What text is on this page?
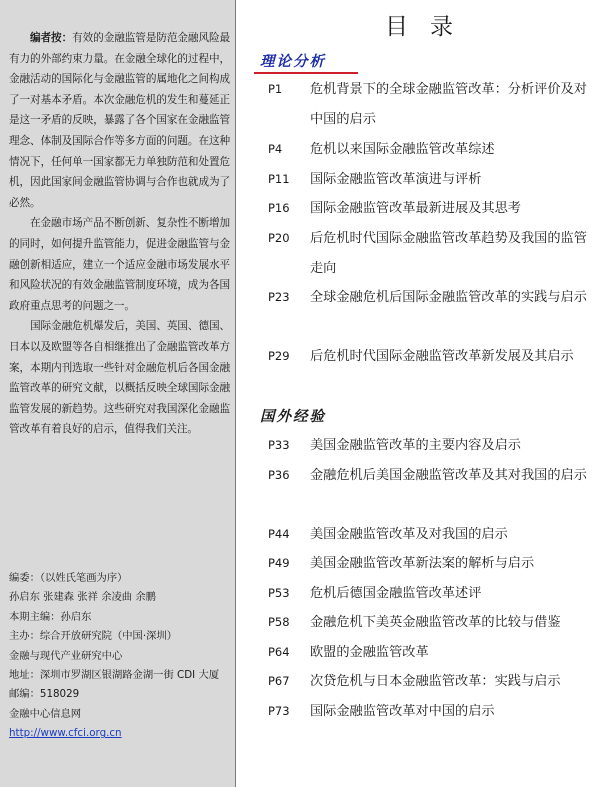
编者按：有效的金融监管是防范金融风险最有力的外部约束力量。在金融全球化的过程中，金融活动的国际化与金融监管的属地化之间构成了一对基本矛盾。本次金融危机的发生和蔓延正是这一矛盾的反映，暴露了各个国家在金融监管理念、体制及国际合作等多方面的问题。在这种情况下，任何单一国家都无力单独防范和处置危机，因此国家间金融监管协调与合作也就成为了必然。

在金融市场产品不断创新、复杂性不断增加的同时，如何提升监管能力，促进金融监管与金融创新相适应，建立一个适应金融市场发展水平和风险状况的有效金融监管制度环境，成为各国政府重点思考的问题之一。

国际金融危机爆发后，美国、英国、德国、日本以及欧盟等各自相继推出了金融监管改革方案，本期内刊选取一些针对金融危机后各国金融监管改革的研究文献，以概括反映全球国际金融监管发展的新趋势。这些研究对我国深化金融监管改革有着良好的启示，值得我们关注。

编委：（以姓氏笔画为序）
孙启东 张建森 张祥 余凌曲 余鹏
本期主编：孙启东
主办：综合开放研究院（中国·深圳）
金融与现代产业研究中心
地址：深圳市罗湖区银湖路金湖一街 CDI 大厦
邮编：518029
金融中心信息网
http://www.cfci.org.cn
目录
理论分析
P1	危机背景下的全球金融监管改革：分析评价及对中国的启示
P4	危机以来国际金融监管改革综述
P11	国际金融监管改革演进与评析
P16	国际金融监管改革最新进展及其思考
P20	后危机时代国际金融监管改革趋势及我国的监管走向
P23	全球金融危机后国际金融监管改革的实践与启示
P29	后危机时代国际金融监管改革新发展及其启示
国外经验
P33	美国金融监管改革的主要内容及启示
P36	金融危机后美国金融监管改革及其对我国的启示
P44	美国金融监管改革及对我国的启示
P49	美国金融监管改革新法案的解析与启示
P53	危机后德国金融监管改革述评
P58	金融危机下美英金融监管改革的比较与借鉴
P64	欧盟的金融监管改革
P67	次贷危机与日本金融监管改革：实践与启示
P73	国际金融监管改革对中国的启示
